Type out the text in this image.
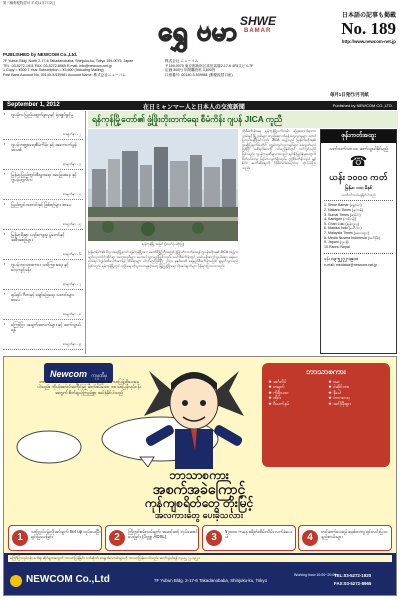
第三種郵便物認可 平成11年7月2日
ရွှေ ဗမာ SHWE
BAMAR
日本語の記事も掲載
No. 189
http://www.newcom-net.jp
PUBLISHED by NEWCOM Co.,Ltd.
7F Yubun Bldg. North 2-17-6 Takadanobaba, Shinjuku-ku, Tokyo 169-0075, Japan
TEL: 03-5272-1911 FAX: 03-5272-8965 E-mail: info@newcom-net.jp
1 Copy = ¥300 1 Year Subscription = ¥3,600 (Including Mailing)
Post Bank Account No. 00140-3-539981 Account Name: 株式会社ニューコム
株式会社 ニューコム
〒169-0075 東京都新宿区高田馬場2-17-6 4F5文ビル7F
定価 300円 年間購読料 3,600円
口座番号: 00140-3-539981 (郵便振替口座)
毎月1日発行/月刊紙
September 1, 2012	在日ミャンマー人と日本人の交流新聞	Published by NEWCOM CO.,LTD.
▪ ဂျပန်က ပြည်ပထွက်ခွာမှုနှင့် ရုံးချုပ်ဖွင့်မှု
စာမျက်နှာ - ၂
▪ ဂျပန်ဘဏ္ဍာရေးစီမံကိန်း နှင့် အကောက်ခွန်အသစ်
စာမျက်နှာ - ၃
▪ မြန်မာ့ပြည်တွင်းစီးပွားရေး အခြေအနေ နှင့် ဂျပန်ပုဂ္ဂလိက
စာမျက်နှာ - ၄
▪ ပြည်တွင်းသတင်းနှင့် ဖြစ်စဉ်များ စာပေ
စာမျက်နှာ - ၅
▪ မြန်မာ့ရိုးရာ ယဉ်ကျေးမှု ပွဲတော်နှင့် အစီအစဉ်များ
စာမျက်နှာ - ၆
▪ ဂျပန်ဘာသာစကား သင်ကြားရေး နှင့် လေ့ကျင့်ခန်း
စာမျက်နှာ - ၇
▪ ရုပ်ရှင်၊ ဂီတနှင့် ဖျော်ဖြေရေး သတင်းများ စာပေ
စာမျက်နှာ - ၈
▪ ကြော်ငြာ အချက်အလက်များ နှင့် ဆက်သွယ်ရန်
စာမျက်နှာ - ၉
ရန်ကုန်မြို့တော်၏ ဖွံ့ဖြိုးတိုးတက်ရေး စီမံကိန်း ဂျပန် JICA ကူညီ
ရန်ကုန်မြို့ အမြင် (ဓာတ်ပုံ-ထိုးပြ)
မြန်မာနိုင်ငံ၏ စီးပွားရေးမြို့တော် ရန်ကုန်မြို့အား ခေတ်မီမြို့ကြီးအဖြစ် ဖွံ့ဖြိုးတိုးတက်စေရန် ဂျပန်အစိုးရ၏ JICA အဖွဲ့က နည်းပညာပိုင်းဆိုင်ရာ အကူအညီများ ပေးအပ်သွားမည်ဖြစ်သည်။ ယင်းစီမံကိန်းတွင် လမ်းပန်းဆက်သွယ်ရေး၊ ရေပေးဝေရေး၊ လျှပ်စစ်ဓာတ်အားနှင့် အိမ်ရာများ ပါဝင်မည်ဖြစ်ပြီး ၂၀၄၀ ခုနှစ်အထိ ရေရှည်စီမံကိန်းအဖြစ် ချမှတ်သွားမည်ဖြစ်သည်။ ရန်ကုန်မြို့တွင် လူဦးရေ တိုးပွားလာမှုနှင့်အတူ မြို့ပြဖွံ့ဖြိုးရေး လိုအပ်ချက်များ ပိုမိုများပြားလာသည်။
ထိုစီမံကိန်းအရ ရန်ကုန်မြို့ပတ်လမ်း၊ မြေအောက်ရထားလမ်းနှင့် မြို့သစ်များ တည်ဆောက်ရန် လေ့လာမှုများ စတင်ပြုလုပ်နေပြီဖြစ်သည်။ JICA အဖွဲ့သည် မြန်မာအစိုးရ၏ အဆိုပြုချက်အတိုင်း ကျွမ်းကျင်ပညာရှင်များ စေလွှတ်မည်ဖြစ်ပြီး အစီရင်ခံစာကို လာမည့်နှစ်တွင် တင်သွင်းမည်ဖြစ်သည်။ ဂျပန်ကုမ္ပဏီများကလည်း ရင်းနှီးမြှုပ်နှံမှုအတွက် စိတ်ဝင်စားမှု မြင့်မားလျက်ရှိသည်။ ဤစီမံကိန်းသည် နှစ်နိုင်ငံ ဆက်ဆံရေးကို ပိုမိုခိုင်မာစေမည်ဟု သုံးသပ်ကြသည်။
ဖုန်းကတ်အထူး
သက်သက်သာသာ ဆက်သွယ်နိုင်မည့်
☎
ယန်း ၁၀၀၀ ကတ်
မြန်မာ ၁၁၀ မိနစ်
လက်ငင်းဝယ်ယူနိုင်ပါသည်
1. Shwe Bamar (ရွှေဗမာ)
2. Nakano Times (နကာနို)
3. Sumai Times (ဆုမိုင်း)
4. Kamigen (ကမိုဂန်း)
5. Chan Lulu (ချန်လူလူ)
6. Mahika Indo (မဟီကာ)
7. Malaysia Times (မလေးရှား)
8. Media Nusma Indonesia (အင်ဒိုနီး)
9. Japani (ဂျပန်)
10.Pannu Nepal
ဖုန်း ၀၃-၅၂၇၂-၁၉၁၁
e-mail: mediabiz@newcom-net.jp
Newcom ကုမ္ပဏီမှ
ဘာသာစကားအစုံ ၁၀ မျိုးကို ကျွမ်းကျင်စွာ ဘာသာပြန်ဆိုပေးနေပါသည်။ ကိုယ့်အလုပ်အကိုင်နှင့် ဆက်စပ်သော ဘာသာပြန်လုပ်ငန်း အတွက် စိတ်ချယုံကြည်စွာ အပ်နှံနိုင်ပါသည်
ဘာသာစကား
★ အင်္ဂလိပ်
★ တရုတ်
★ ကိုရီးယား
★ ထိုင်း
★ ဗီယက်နမ်
★ ဗမာ
★ ဝဲဆိုင်းဘာ
★ နီပေါ
★ တာဂလော့
★ အင်ဒိုနီးရှား
ဘာသာစကား
အစက်အခဲကြောင့်
ကုန်ကျစရိတ်တွေ တိုးမြင့်
အလကားတွေ ပေးခဲ့သလား
1
သင့်လုပ်ငန်းလိုအပ်ချက် Set up လုပ်ပေးပြီး ရှင်းပြပေးခြင်း	2
ကြိုတင်စမ်းသပ်ချက်၊ အဆင့်ဆင့် လုပ်ဆောင်ပေးခြင်း (မိတ္တူ၊ ADSL)	3
¥၃၀၀၀ ကနေ စရိတ်ထိမ်းသိမ်း လက်ခံပေးပါ	4
တင်ဆက်ပေးရန် စနစ်တကျ ရှင်းလင်းပြသ နည်းလမ်းများ
ကြော်ငြာလုပ်ငန်း၊ စက်ရုံ၊ ဆိုင်များအတွက် ဘာသာပြန်ခြင်း၊ ဝဘ်ဆိုက်၊ စာရွက်စာတမ်းများကို ဘာသာပြန်ပေးပါသည်။ ဆက်သွယ်ရန် ၀၃-၅၂၇၂-၁၉၂၀
NEWCOM Co.,Ltd	7F Yubun Bldg. 2-17-6 Takadanobaba, Shinjuku-ku, Tokyo
Working hour:10:00~20:00
TEL:03-5272-1920
FAX:03-5272-8965
